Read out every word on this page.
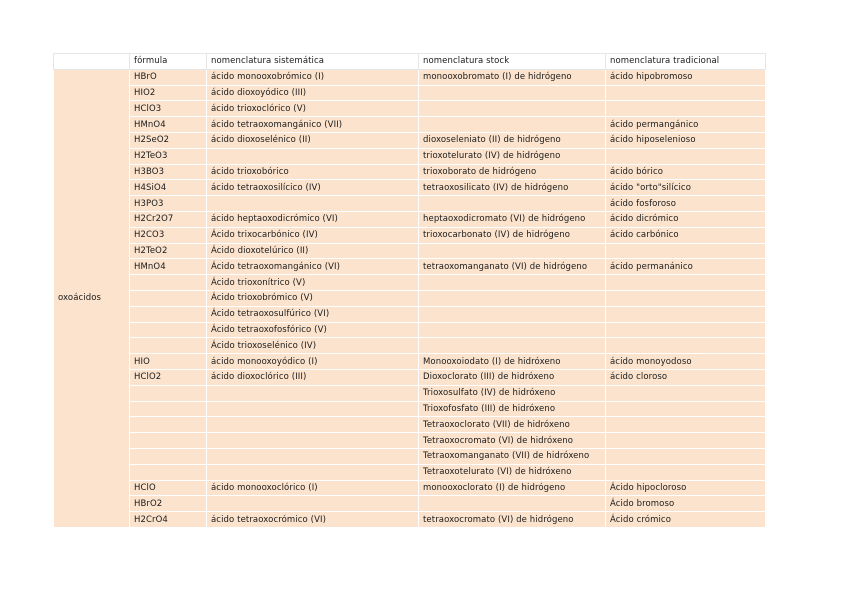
	fórmula	nomenclatura sistemática	nomenclatura stock	nomenclatura tradicional
oxoácidos	HBrO	ácido monooxobrómico (I)	monooxobromato (I) de hidrógeno	ácido hipobromoso
	HIO2	ácido dioxoyódico (III)		
	HClO3	ácido trioxoclórico (V)		
	HMnO4	ácido tetraoxomangánico (VII)		ácido permangánico
	H2SeO2	ácido dioxoselénico (II)	dioxoseleniato (II) de hidrógeno	ácido hiposelenioso
	H2TeO3		trioxotelurato (IV) de hidrógeno	
	H3BO3	ácido trioxobórico	trioxoborato de hidrógeno	ácido bórico
	H4SiO4	ácido tetraoxosilícico (IV)	tetraoxosilicato (IV) de hidrógeno	ácido "orto"silícico
	H3PO3			ácido fosforoso
	H2Cr2O7	ácido heptaoxodicrómico (VI)	heptaoxodicromato (VI) de hidrógeno	ácido dicrómico
	H2CO3	Ácido trixocarbónico (IV)	trioxocarbonato (IV) de hidrógeno	ácido carbónico
	H2TeO2	Ácido dioxotelúrico (II)		
	HMnO4	Ácido tetraoxomangánico (VI)	tetraoxomanganato (VI) de hidrógeno	ácido permanánico
		Ácido trioxonítrico (V)		
		Ácido trioxobrómico (V)		
		Ácido tetraoxosulfúrico (VI)		
		Ácido tetraoxofosfórico (V)		
		Ácido trioxoselénico (IV)		
	HIO	ácido monooxoyódico (I)	Monooxoiodato (I) de hidróxeno	ácido monoyodoso
	HClO2	ácido dioxoclórico (III)	Dioxoclorato (III) de hidróxeno	ácido cloroso
			Trioxosulfato (IV) de hidróxeno	
			Trioxofosfato (III) de hidróxeno	
			Tetraoxoclorato (VII) de hidróxeno	
			Tetraoxocromato (VI) de hidróxeno	
			Tetraoxomanganato (VII) de hidróxeno	
			Tetraoxotelurato (VI) de hidróxeno	
	HClO	ácido monooxoclórico (I)	monooxoclorato (I) de hidrógeno	Ácido hipocloroso
	HBrO2			Ácido bromoso
	H2CrO4	ácido tetraoxocrómico (VI)	tetraoxocromato (VI) de hidrógeno	Ácido crómico
